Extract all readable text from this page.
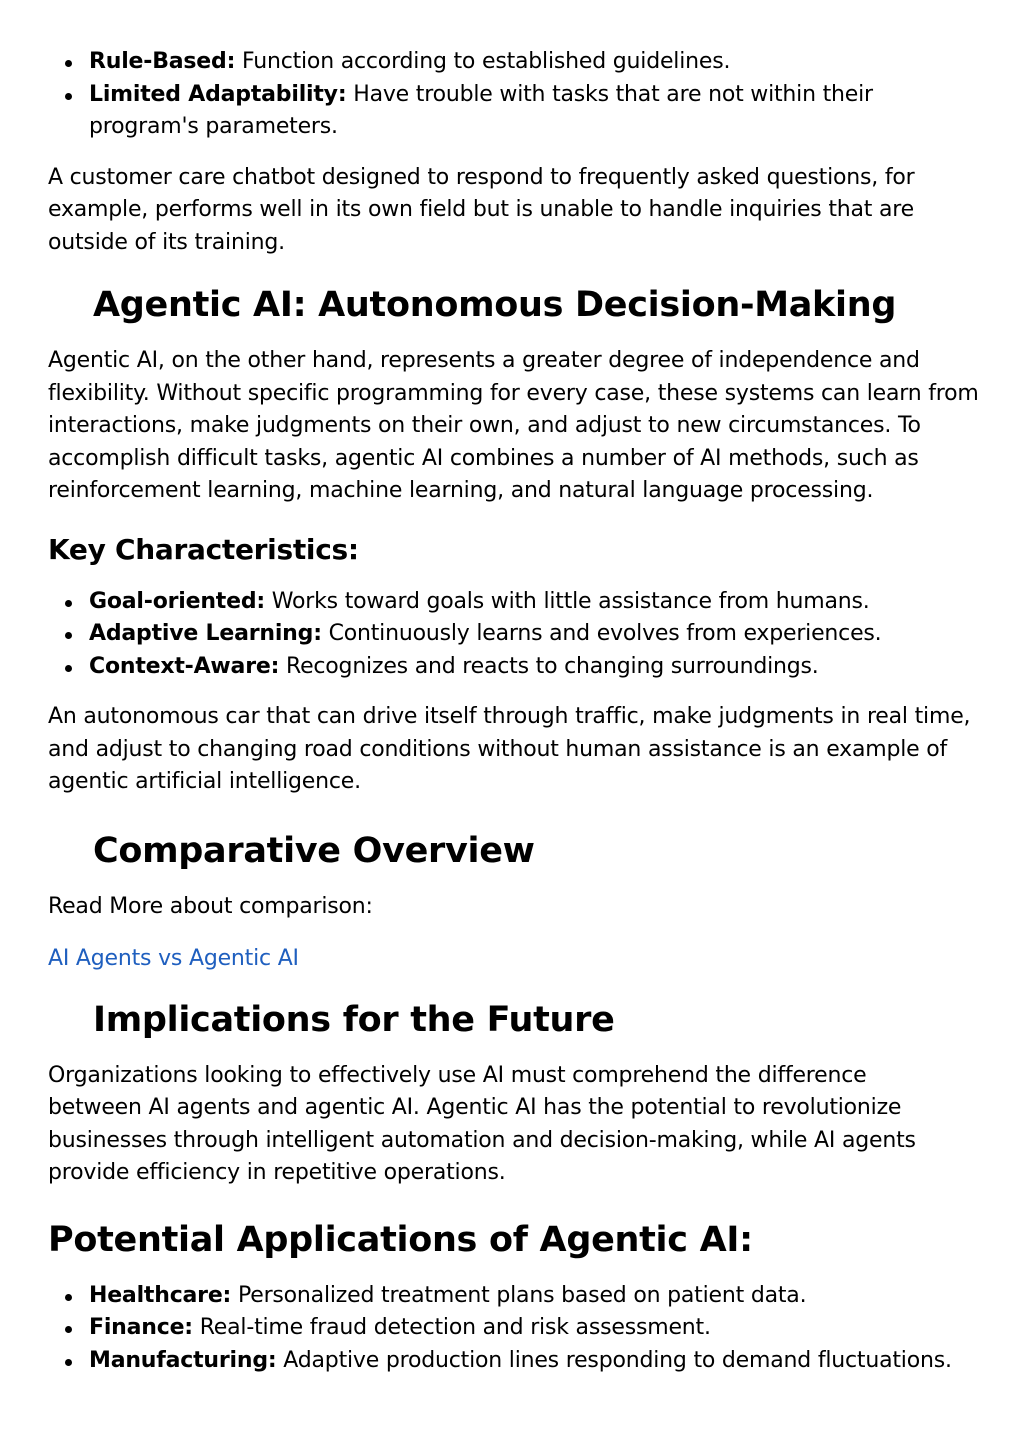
Rule-Based: Function according to established guidelines.
Limited Adaptability: Have trouble with tasks that are not within their program's parameters.

A customer care chatbot designed to respond to frequently asked questions, for example, performs well in its own field but is unable to handle inquiries that are outside of its training.

Agentic AI: Autonomous Decision-Making

Agentic AI, on the other hand, represents a greater degree of independence and flexibility. Without specific programming for every case, these systems can learn from interactions, make judgments on their own, and adjust to new circumstances. To accomplish difficult tasks, agentic AI combines a number of AI methods, such as reinforcement learning, machine learning, and natural language processing.

Key Characteristics:
Goal-oriented: Works toward goals with little assistance from humans.
Adaptive Learning: Continuously learns and evolves from experiences.
Context-Aware: Recognizes and reacts to changing surroundings.

An autonomous car that can drive itself through traffic, make judgments in real time, and adjust to changing road conditions without human assistance is an example of agentic artificial intelligence.

Comparative Overview

Read More about comparison:

AI Agents vs Agentic AI

Implications for the Future

Organizations looking to effectively use AI must comprehend the difference between AI agents and agentic AI. Agentic AI has the potential to revolutionize businesses through intelligent automation and decision-making, while AI agents provide efficiency in repetitive operations.

Potential Applications of Agentic AI:
Healthcare: Personalized treatment plans based on patient data.
Finance: Real-time fraud detection and risk assessment.
Manufacturing: Adaptive production lines responding to demand fluctuations.
